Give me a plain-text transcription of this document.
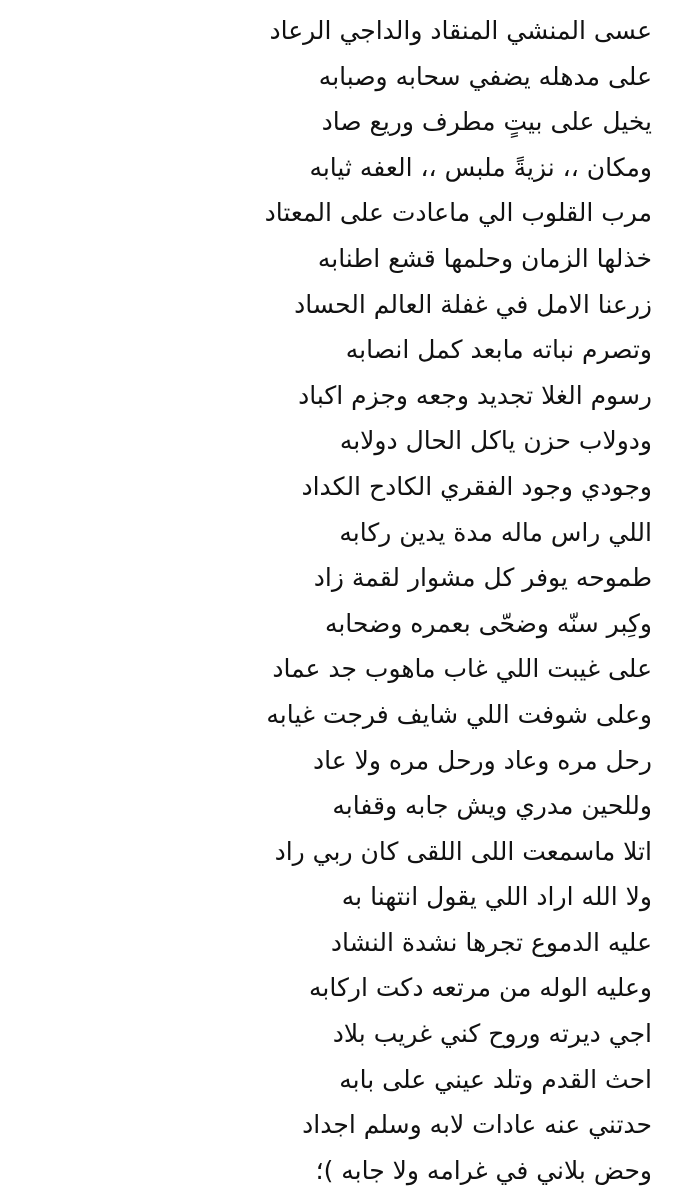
عسى المنشي المنقاد والداجي الرعاد
على مدهله يضفي سحابه وصبابه
يخيل على بيتٍ مطرف وريع صاد
ومكان ،، نزيةً ملبس ،، العفه ثيابه
مرب القلوب الي ماعادت على المعتاد
خذلها الزمان وحلمها قشع اطنابه
زرعنا الامل في غفلة العالم الحساد
وتصرم نباته مابعد كمل انصابه
رسوم الغلا تجديد وجعه وجزم اكباد
ودولاب حزن ياكل الحال دولابه
وجودي وجود الفقري الكادح الكداد
اللي راس ماله مدة يدين ركابه
طموحه يوفر كل مشوار لقمة زاد
وكِبر سنّه وضحّى بعمره وضحابه
على غيبت اللي غاب ماهوب جد عماد
وعلى شوفت اللي شايف فرجت غيابه
رحل مره وعاد ورحل مره ولا عاد
وللحين مدري ويش جابه وقفابه
اتلا ماسمعت اللى اللقى كان ربي راد
ولا الله اراد اللي يقول انتهنا به
عليه الدموع تجرها نشدة النشاد
وعليه الوله من مرتعه دكت اركابه
اجي ديرته وروح كني غريب بلاد
احث القدم وتلد عيني على بابه
حدتني عنه عادات لابه وسلم اجداد
وحض بلاني في غرامه ولا جابه )؛
